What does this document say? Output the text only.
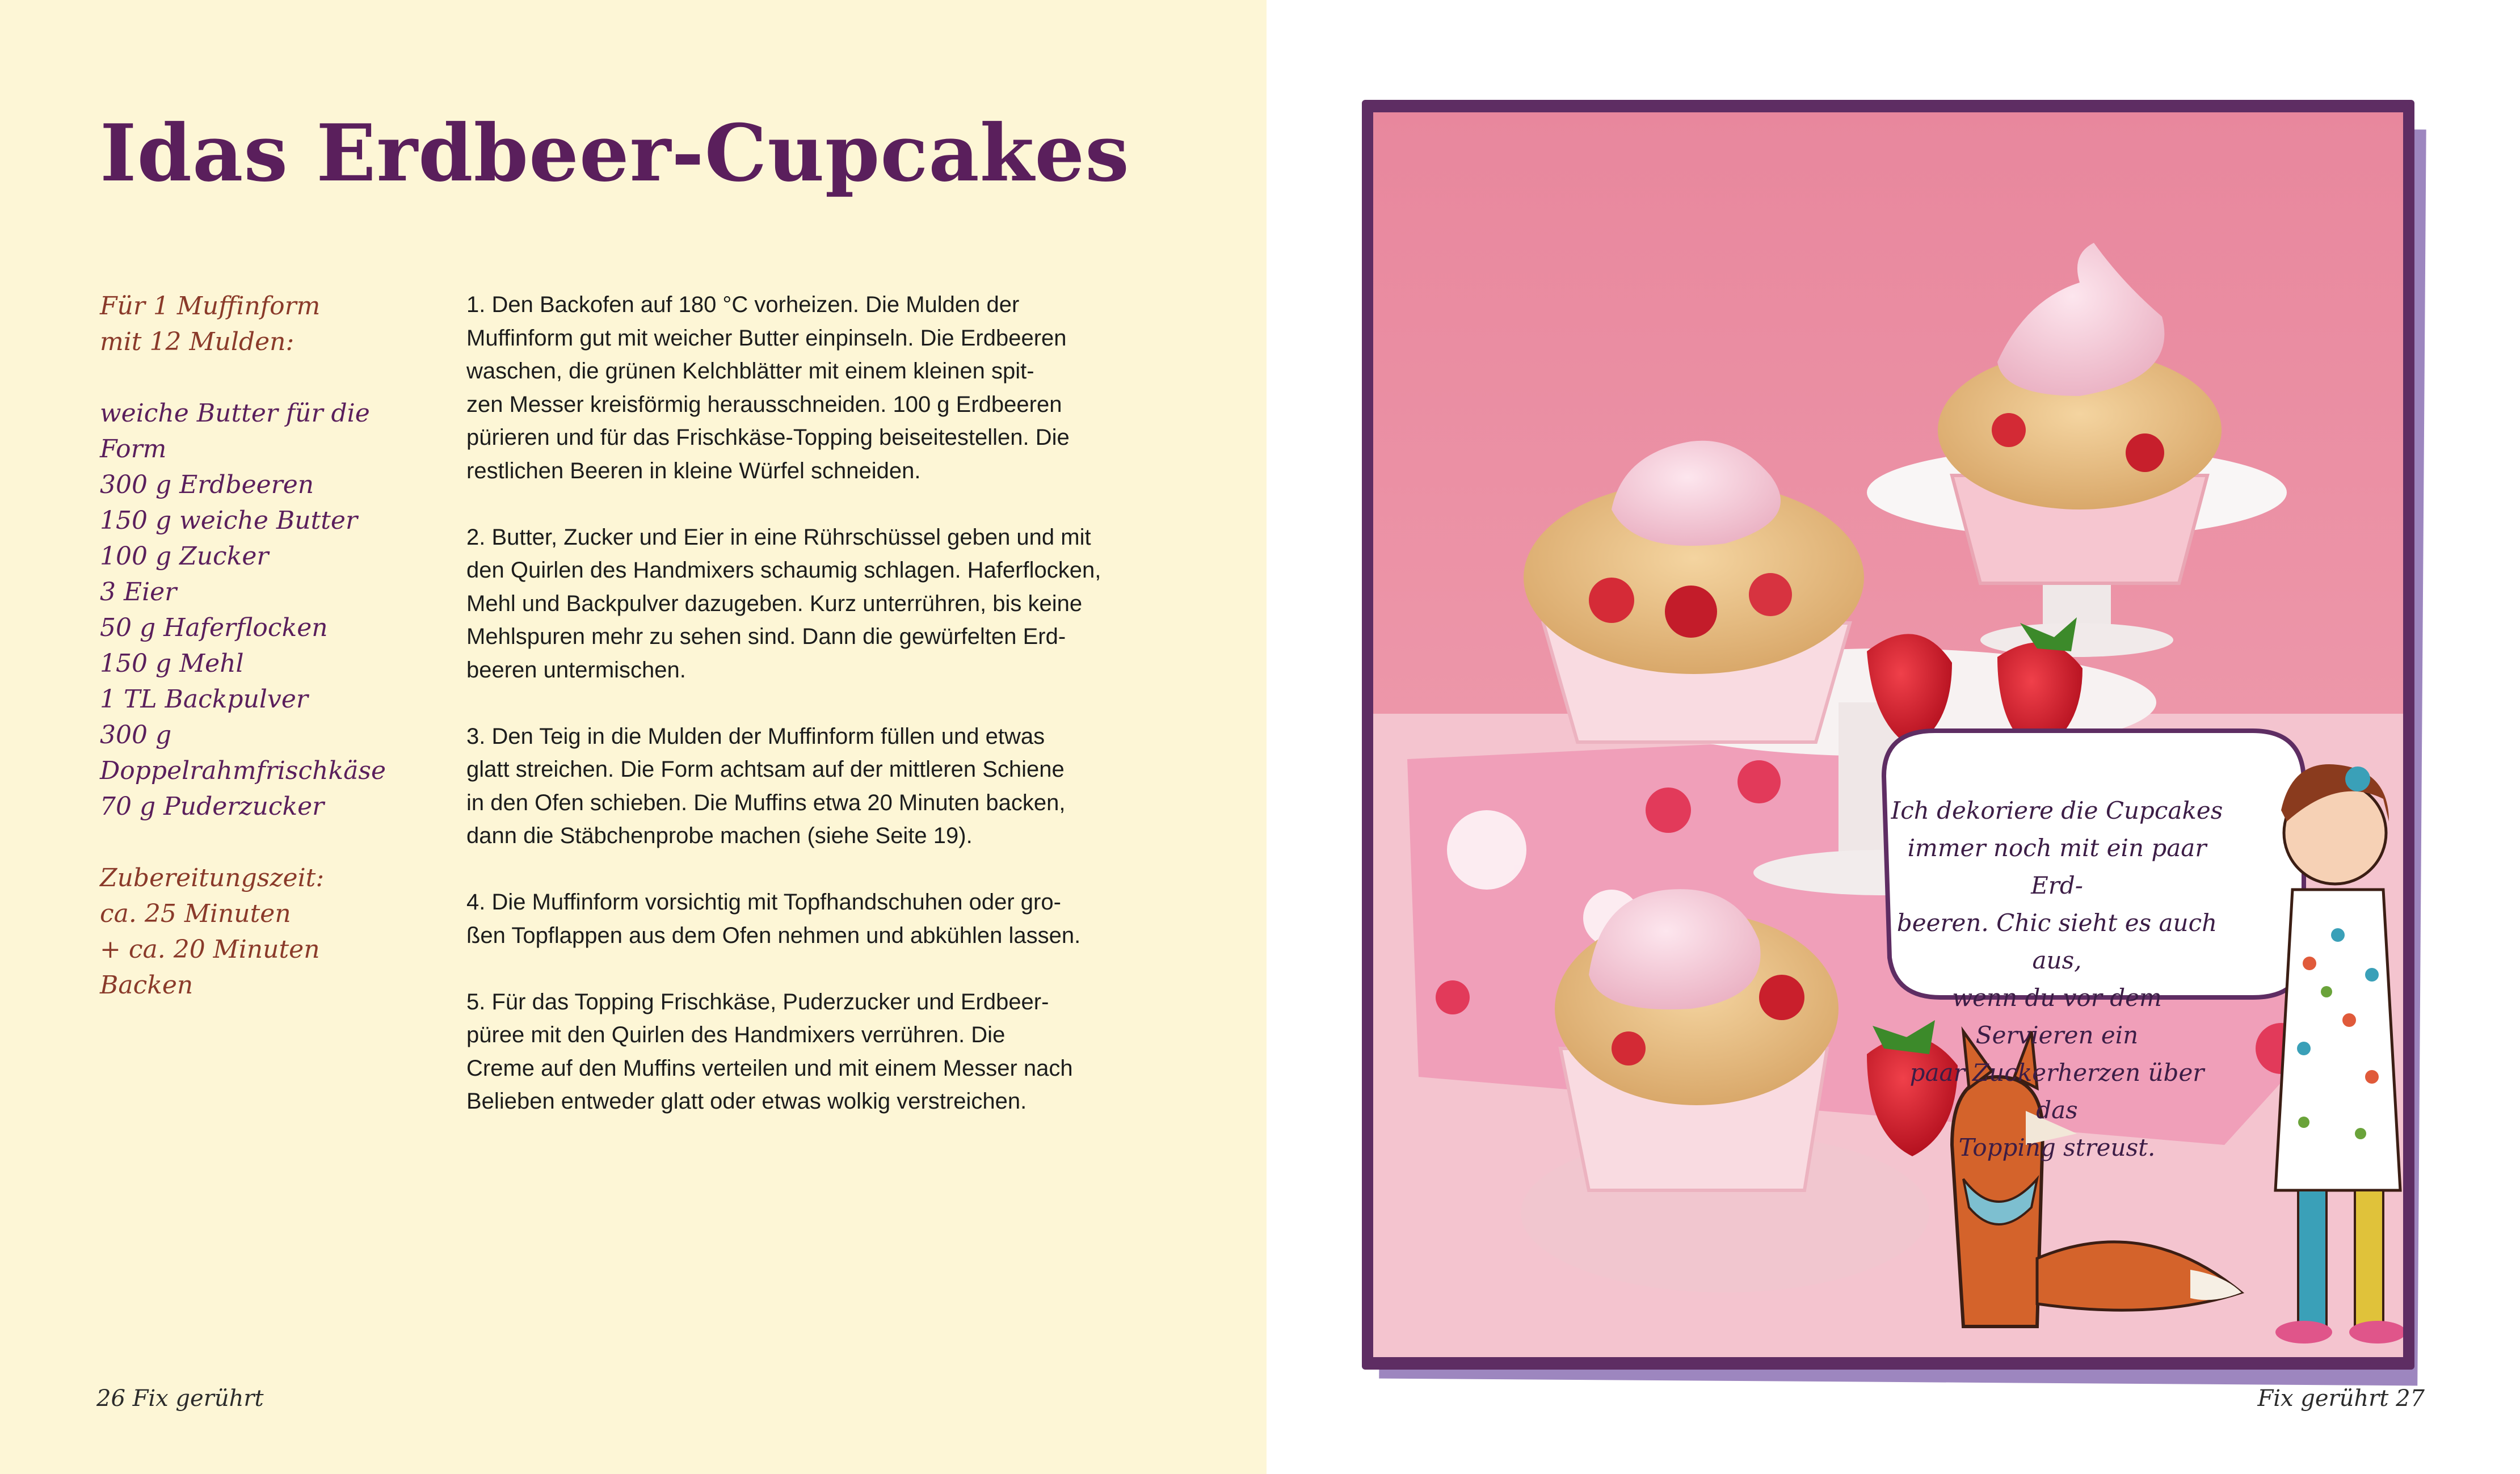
Idas Erdbeer-Cupcakes
Für 1 Muffinform
mit 12 Mulden:
weiche Butter für die Form
300 g Erdbeeren
150 g weiche Butter
100 g Zucker
3 Eier
50 g Haferflocken
150 g Mehl
1 TL Backpulver
300 g Doppelrahmfrischkäse
70 g Puderzucker
Zubereitungszeit:
ca. 25 Minuten
+ ca. 20 Minuten Backen

1. Den Backofen auf 180 °C vorheizen. Die Mulden der
Muffinform gut mit weicher Butter einpinseln. Die Erdbeeren
waschen, die grünen Kelchblätter mit einem kleinen spit-
zen Messer kreisförmig herausschneiden. 100 g Erdbeeren
pürieren und für das Frischkäse-Topping beiseitestellen. Die
restlichen Beeren in kleine Würfel schneiden.

2. Butter, Zucker und Eier in eine Rührschüssel geben und mit
den Quirlen des Handmixers schaumig schlagen. Haferflocken,
Mehl und Backpulver dazugeben. Kurz unterrühren, bis keine
Mehlspuren mehr zu sehen sind. Dann die gewürfelten Erd-
beeren untermischen.

3. Den Teig in die Mulden der Muffinform füllen und etwas
glatt streichen. Die Form achtsam auf der mittleren Schiene
in den Ofen schieben. Die Muffins etwa 20 Minuten backen,
dann die Stäbchenprobe machen (siehe Seite 19).

4. Die Muffinform vorsichtig mit Topfhandschuhen oder gro-
ßen Topflappen aus dem Ofen nehmen und abkühlen lassen.

5. Für das Topping Frischkäse, Puderzucker und Erdbeer-
püree mit den Quirlen des Handmixers verrühren. Die
Creme auf den Muffins verteilen und mit einem Messer nach
Belieben entweder glatt oder etwas wolkig verstreichen.

26 Fix gerührt
Ich dekoriere die Cupcakes
immer noch mit ein paar Erd-
beeren. Chic sieht es auch aus,
wenn du vor dem Servieren ein
paar Zuckerherzen über das
Topping streust.
Fix gerührt 27
